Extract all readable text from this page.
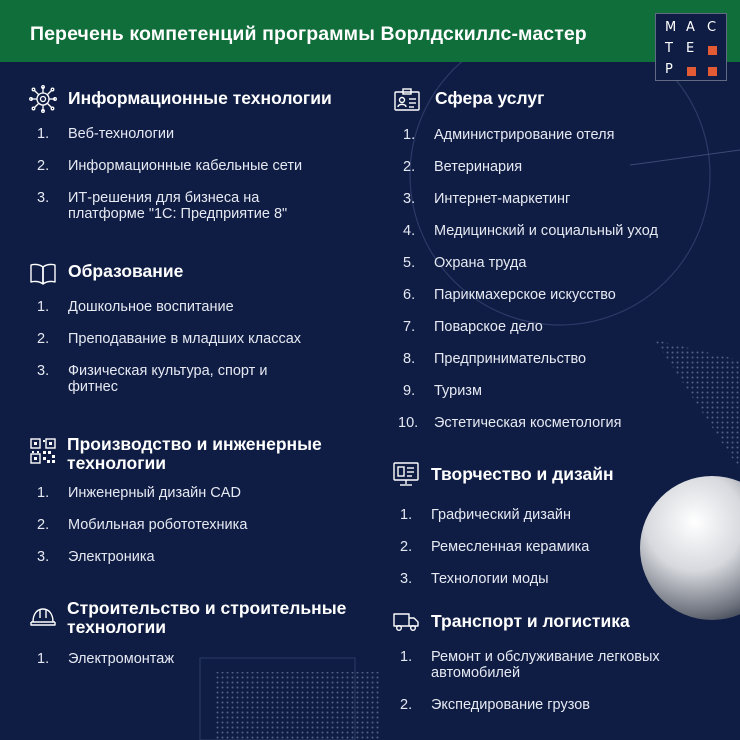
Перечень компетенций программы Ворлдскиллс-мастер	М А С
Т Е
Р
Информационные технологии
1.	Веб-технологии
2.	Информационные кабельные сети
3.	ИТ-решения для бизнеса на платформе "1С: Предприятие 8"
Образование
1.	Дошкольное воспитание
2.	Преподавание в младших классах
3.	Физическая культура, спорт и фитнес
Производство и инженерные технологии
1.	Инженерный дизайн CAD
2.	Мобильная робототехника
3.	Электроника
Строительство и строительные технологии
1.	Электромонтаж
Сфера услуг
1.	Администрирование отеля
2.	Ветеринария
3.	Интернет-маркетинг
4.	Медицинский и социальный уход
5.	Охрана труда
6.	Парикмахерское искусство
7.	Поварское дело
8.	Предпринимательство
9.	Туризм
10. Эстетическая косметология
Творчество и дизайн
1.	Графический дизайн
2.	Ремесленная керамика
3.	Технологии моды
Транспорт и логистика
1.	Ремонт и обслуживание легковых автомобилей
2.	Экспедирование грузов
